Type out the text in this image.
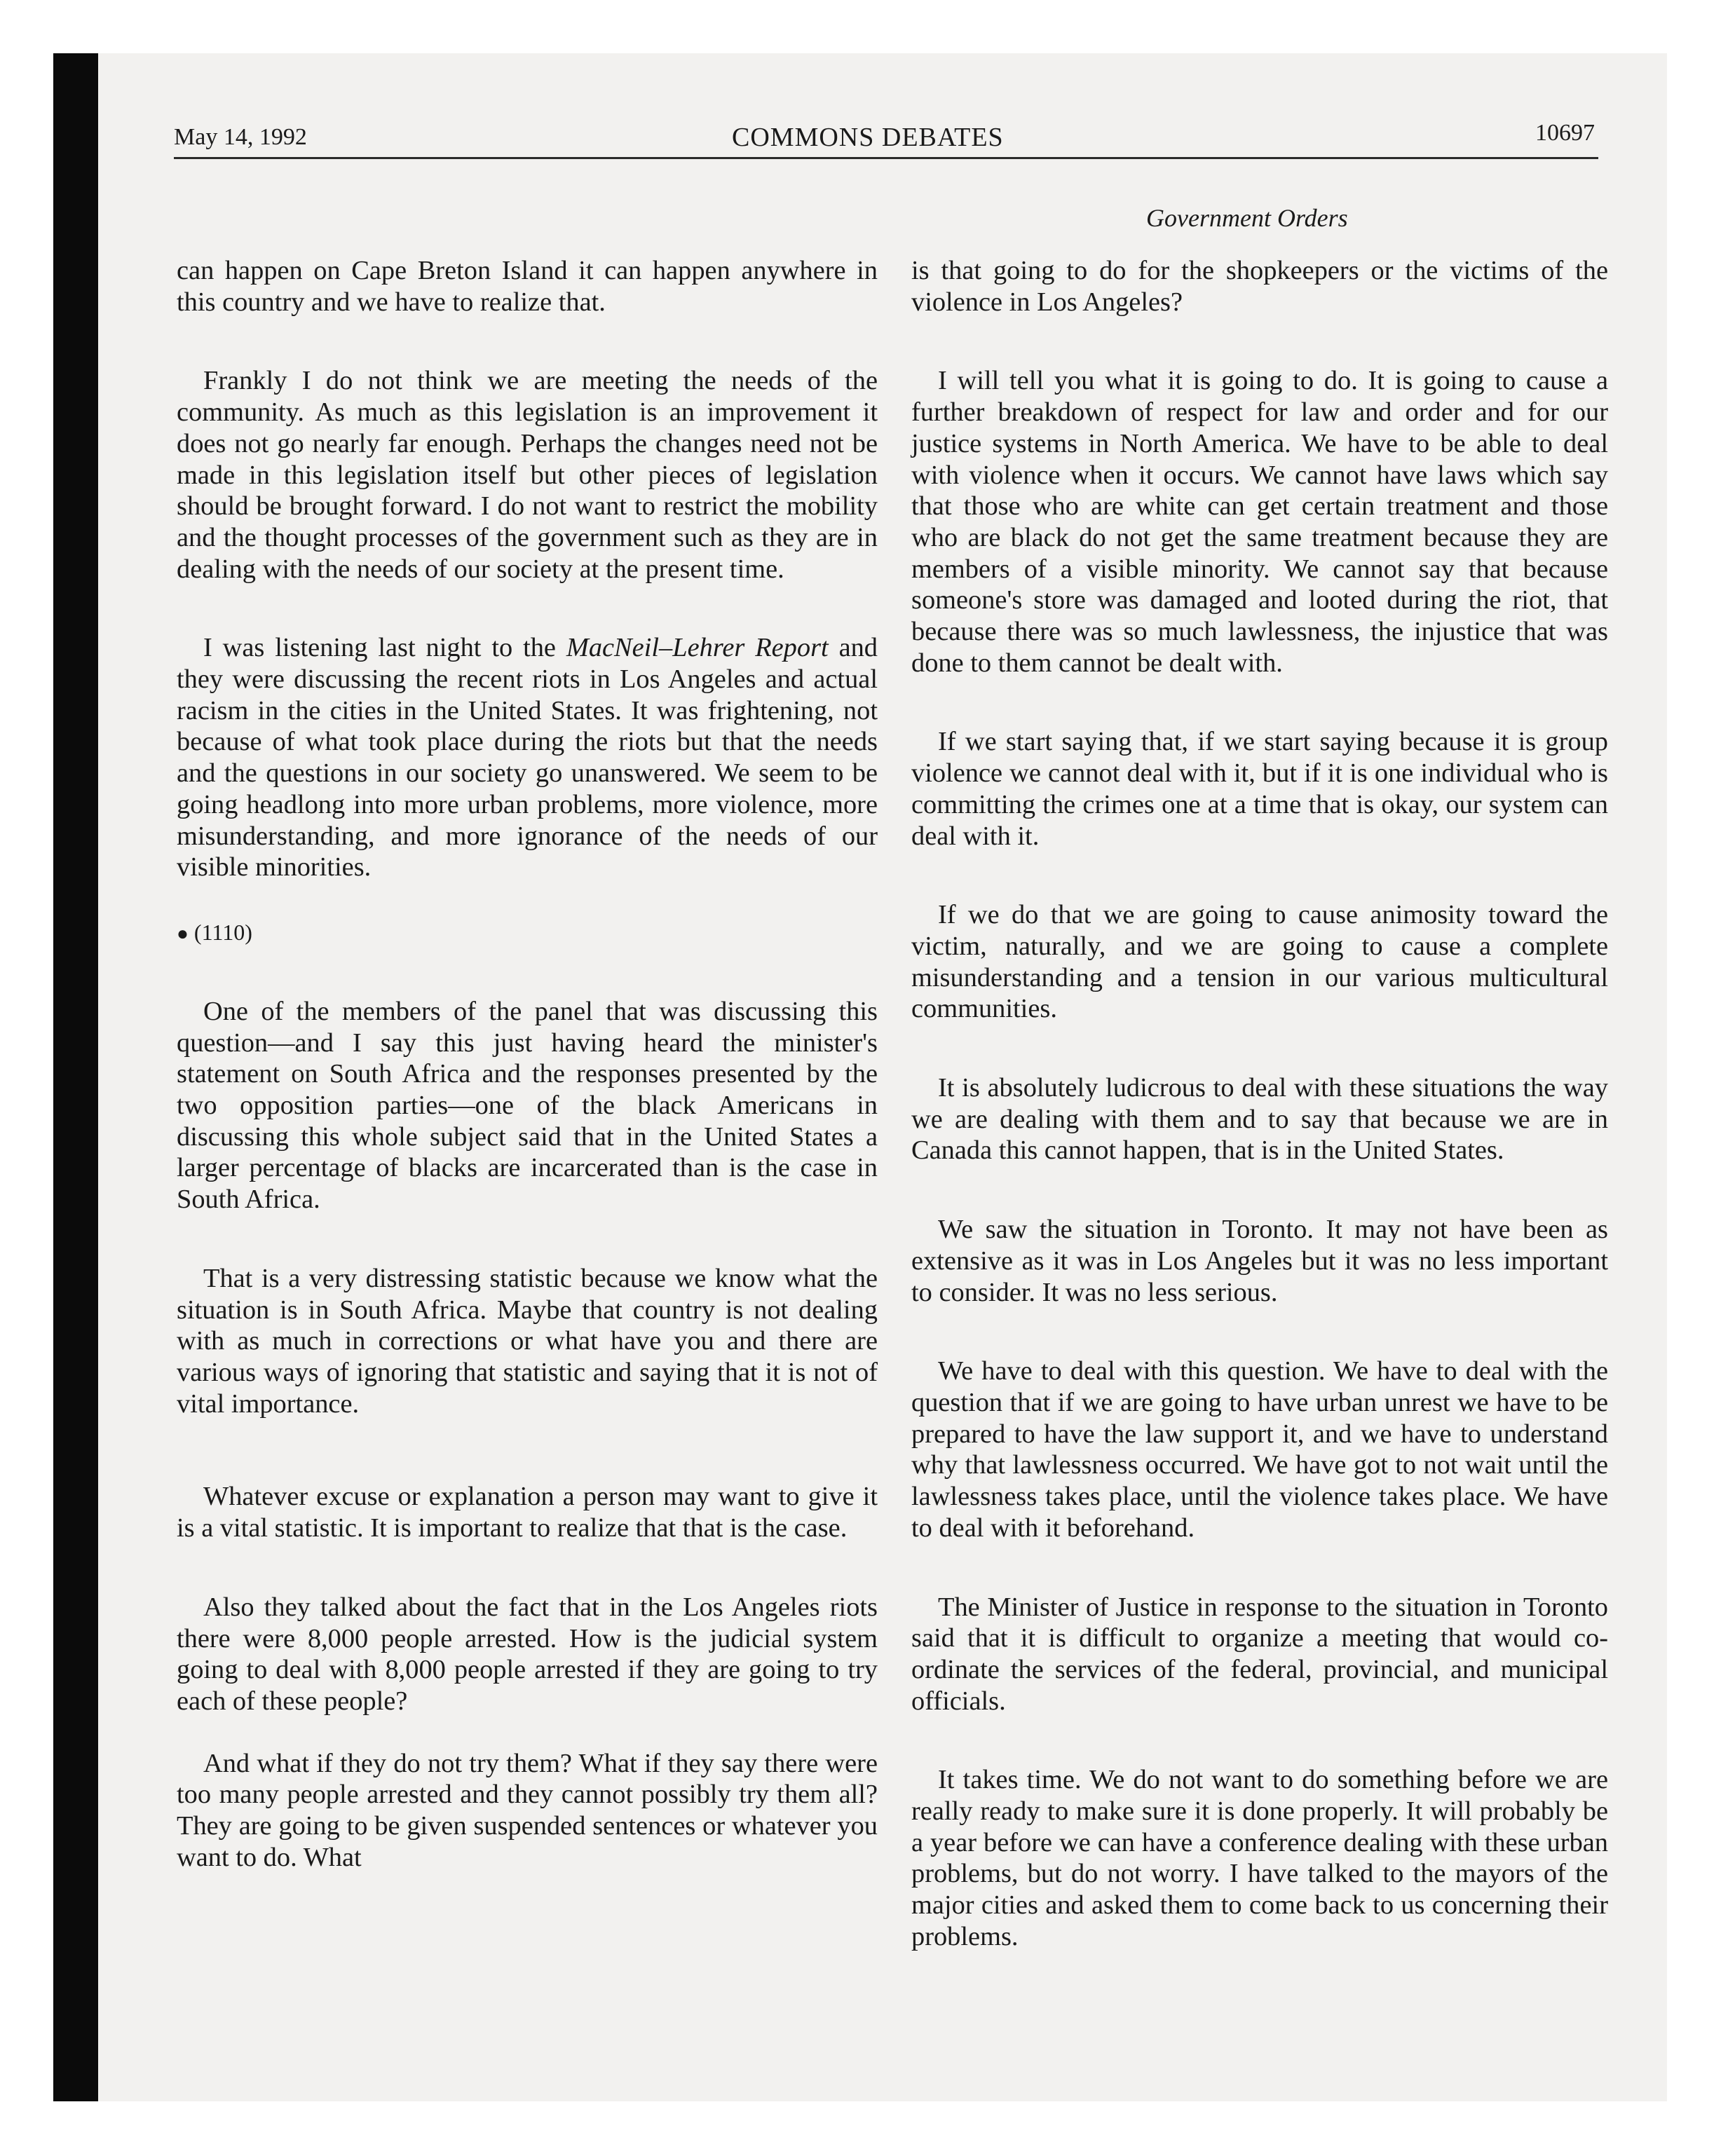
May 14, 1992	COMMONS DEBATES	10697
Government Orders

can happen on Cape Breton Island it can happen anywhere in this country and we have to realize that.

Frankly I do not think we are meeting the needs of the community. As much as this legislation is an improvement it does not go nearly far enough. Perhaps the changes need not be made in this legislation itself but other pieces of legislation should be brought forward. I do not want to restrict the mobility and the thought processes of the government such as they are in dealing with the needs of our society at the present time.

I was listening last night to the MacNeil–Lehrer Report and they were discussing the recent riots in Los Angeles and actual racism in the cities in the United States. It was frightening, not because of what took place during the riots but that the needs and the questions in our society go unanswered. We seem to be going headlong into more urban problems, more violence, more misunderstanding, and more ignorance of the needs of our visible minorities.

● (1110)

One of the members of the panel that was discussing this question—and I say this just having heard the minister's statement on South Africa and the responses presented by the two opposition parties—one of the black Americans in discussing this whole subject said that in the United States a larger percentage of blacks are incarcerated than is the case in South Africa.

That is a very distressing statistic because we know what the situation is in South Africa. Maybe that country is not dealing with as much in corrections or what have you and there are various ways of ignoring that statistic and saying that it is not of vital importance.

Whatever excuse or explanation a person may want to give it is a vital statistic. It is important to realize that that is the case.

Also they talked about the fact that in the Los Angeles riots there were 8,000 people arrested. How is the judicial system going to deal with 8,000 people arrested if they are going to try each of these people?

And what if they do not try them? What if they say there were too many people arrested and they cannot possibly try them all? They are going to be given suspended sentences or whatever you want to do. What

is that going to do for the shopkeepers or the victims of the violence in Los Angeles?

I will tell you what it is going to do. It is going to cause a further breakdown of respect for law and order and for our justice systems in North America. We have to be able to deal with violence when it occurs. We cannot have laws which say that those who are white can get certain treatment and those who are black do not get the same treatment because they are members of a visible minority. We cannot say that because someone's store was damaged and looted during the riot, that because there was so much lawlessness, the injustice that was done to them cannot be dealt with.

If we start saying that, if we start saying because it is group violence we cannot deal with it, but if it is one individual who is committing the crimes one at a time that is okay, our system can deal with it.

If we do that we are going to cause animosity toward the victim, naturally, and we are going to cause a complete misunderstanding and a tension in our various multicultural communities.

It is absolutely ludicrous to deal with these situations the way we are dealing with them and to say that because we are in Canada this cannot happen, that is in the United States.

We saw the situation in Toronto. It may not have been as extensive as it was in Los Angeles but it was no less important to consider. It was no less serious.

We have to deal with this question. We have to deal with the question that if we are going to have urban unrest we have to be prepared to have the law support it, and we have to understand why that lawlessness occurred. We have got to not wait until the lawlessness takes place, until the violence takes place. We have to deal with it beforehand.

The Minister of Justice in response to the situation in Toronto said that it is difficult to organize a meeting that would co-ordinate the services of the federal, provincial, and municipal officials.

It takes time. We do not want to do something before we are really ready to make sure it is done properly. It will probably be a year before we can have a conference dealing with these urban problems, but do not worry. I have talked to the mayors of the major cities and asked them to come back to us concerning their problems.
